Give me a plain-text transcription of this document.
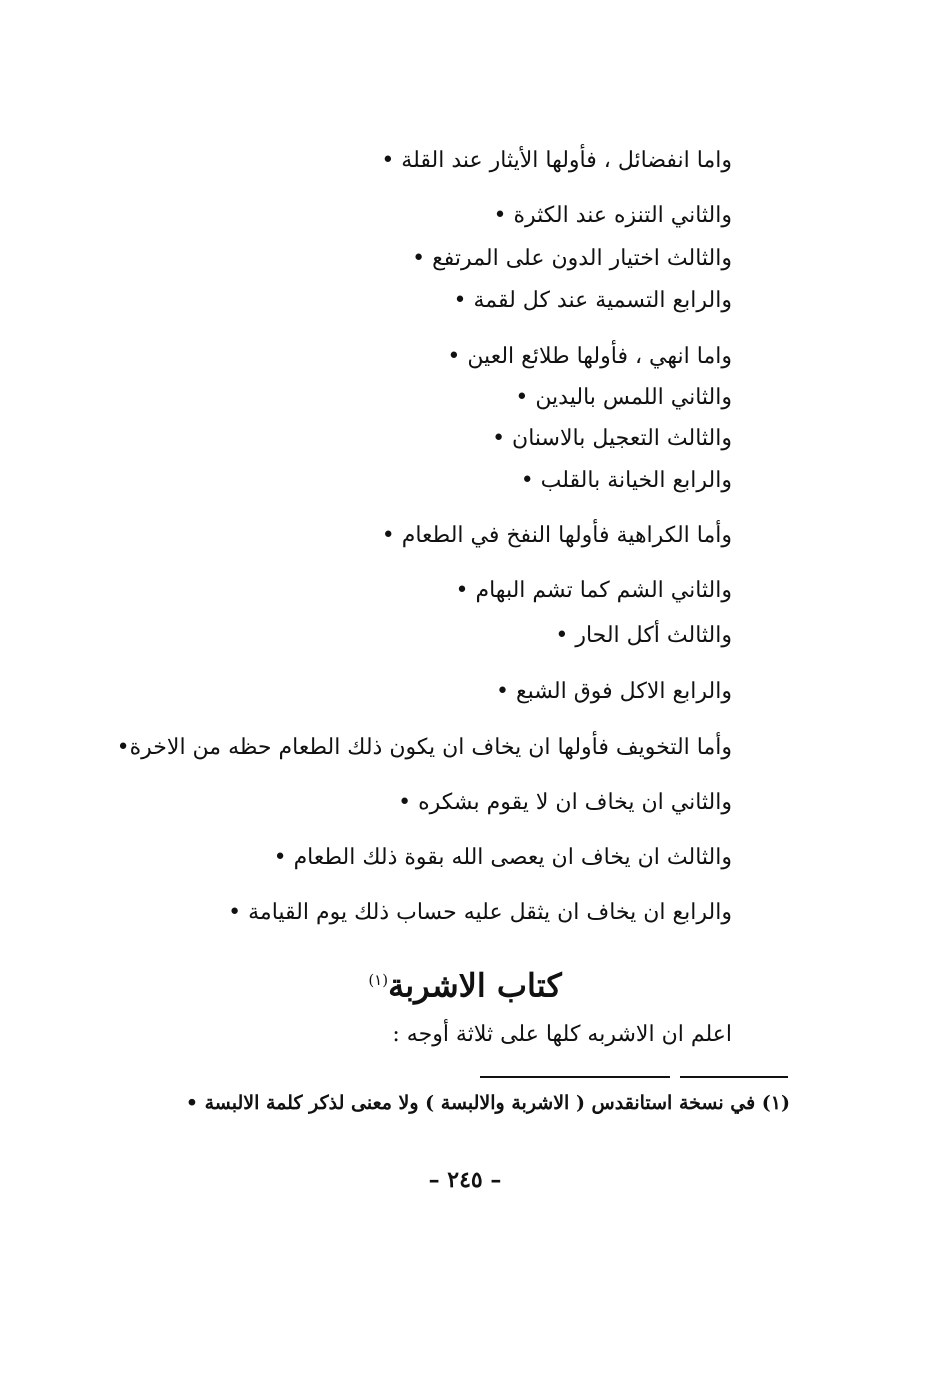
واما انفضائل ، فأولها الأيثار عند القلة •
والثاني التنزه عند الكثرة •
والثالث اختيار الدون على المرتفع •
والرابع التسمية عند كل لقمة •
واما انهي ، فأولها طلائع العين •
والثاني اللمس باليدين •
والثالث التعجيل بالاسنان •
والرابع الخيانة بالقلب •
وأما الكراهية فأولها النفخ في الطعام •
والثاني الشم كما تشم البهام •
والثالث أكل الحار •
والرابع الاكل فوق الشبع •
وأما التخويف فأولها ان يخاف ان يكون ذلك الطعام حظه من الاخرة•
والثاني ان يخاف ان لا يقوم بشكره •
والثالث ان يخاف ان يعصى الله بقوة ذلك الطعام •
والرابع ان يخاف ان يثقل عليه حساب ذلك يوم القيامة •
كتاب الاشربة$^{(١)}$
اعلم ان الاشربه كلها على ثلاثة أوجه :
(١) في نسخة استانقدس ( الاشربة والالبسة ) ولا معنى لذكر كلمة الالبسة •
– ٢٤٥ –
